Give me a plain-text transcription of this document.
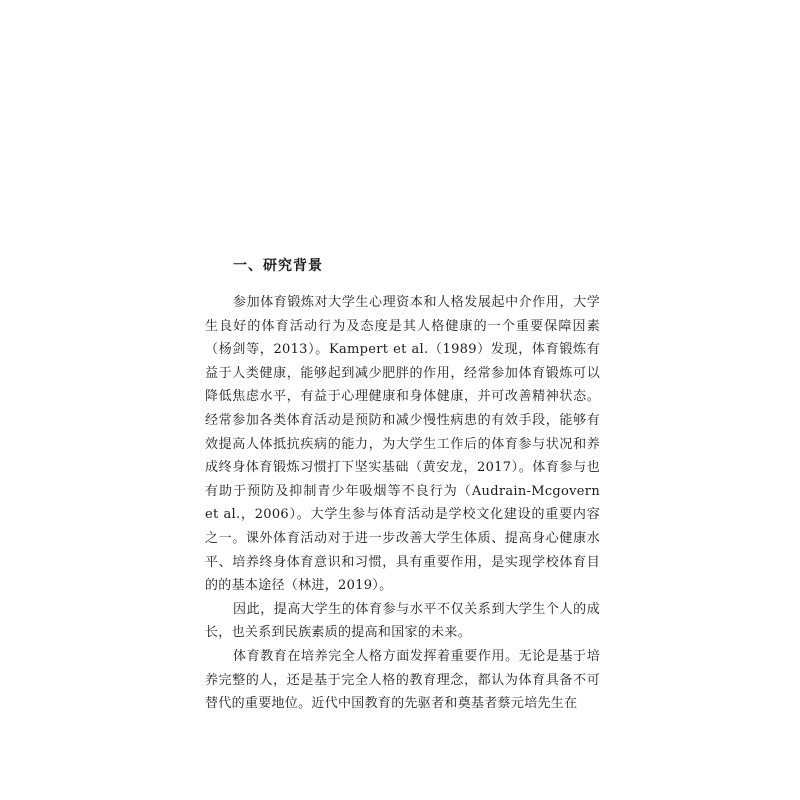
一、研究背景

参加体育锻炼对大学生心理资本和人格发展起中介作用，大学生良好的体育活动行为及态度是其人格健康的一个重要保障因素（杨剑等，2013）。Kampert et al.（1989）发现，体育锻炼有益于人类健康，能够起到减少肥胖的作用，经常参加体育锻炼可以降低焦虑水平，有益于心理健康和身体健康，并可改善精神状态。经常参加各类体育活动是预防和减少慢性病患的有效手段，能够有效提高人体抵抗疾病的能力，为大学生工作后的体育参与状况和养成终身体育锻炼习惯打下坚实基础（黄安龙，2017）。体育参与也有助于预防及抑制青少年吸烟等不良行为（Audrain-Mcgovern et al.，2006）。大学生参与体育活动是学校文化建设的重要内容之一。课外体育活动对于进一步改善大学生体质、提高身心健康水平、培养终身体育意识和习惯，具有重要作用，是实现学校体育目的的基本途径（林进，2019）。

因此，提高大学生的体育参与水平不仅关系到大学生个人的成长，也关系到民族素质的提高和国家的未来。

体育教育在培养完全人格方面发挥着重要作用。无论是基于培养完整的人，还是基于完全人格的教育理念，都认为体育具备不可替代的重要地位。近代中国教育的先驱者和奠基者蔡元培先生在
